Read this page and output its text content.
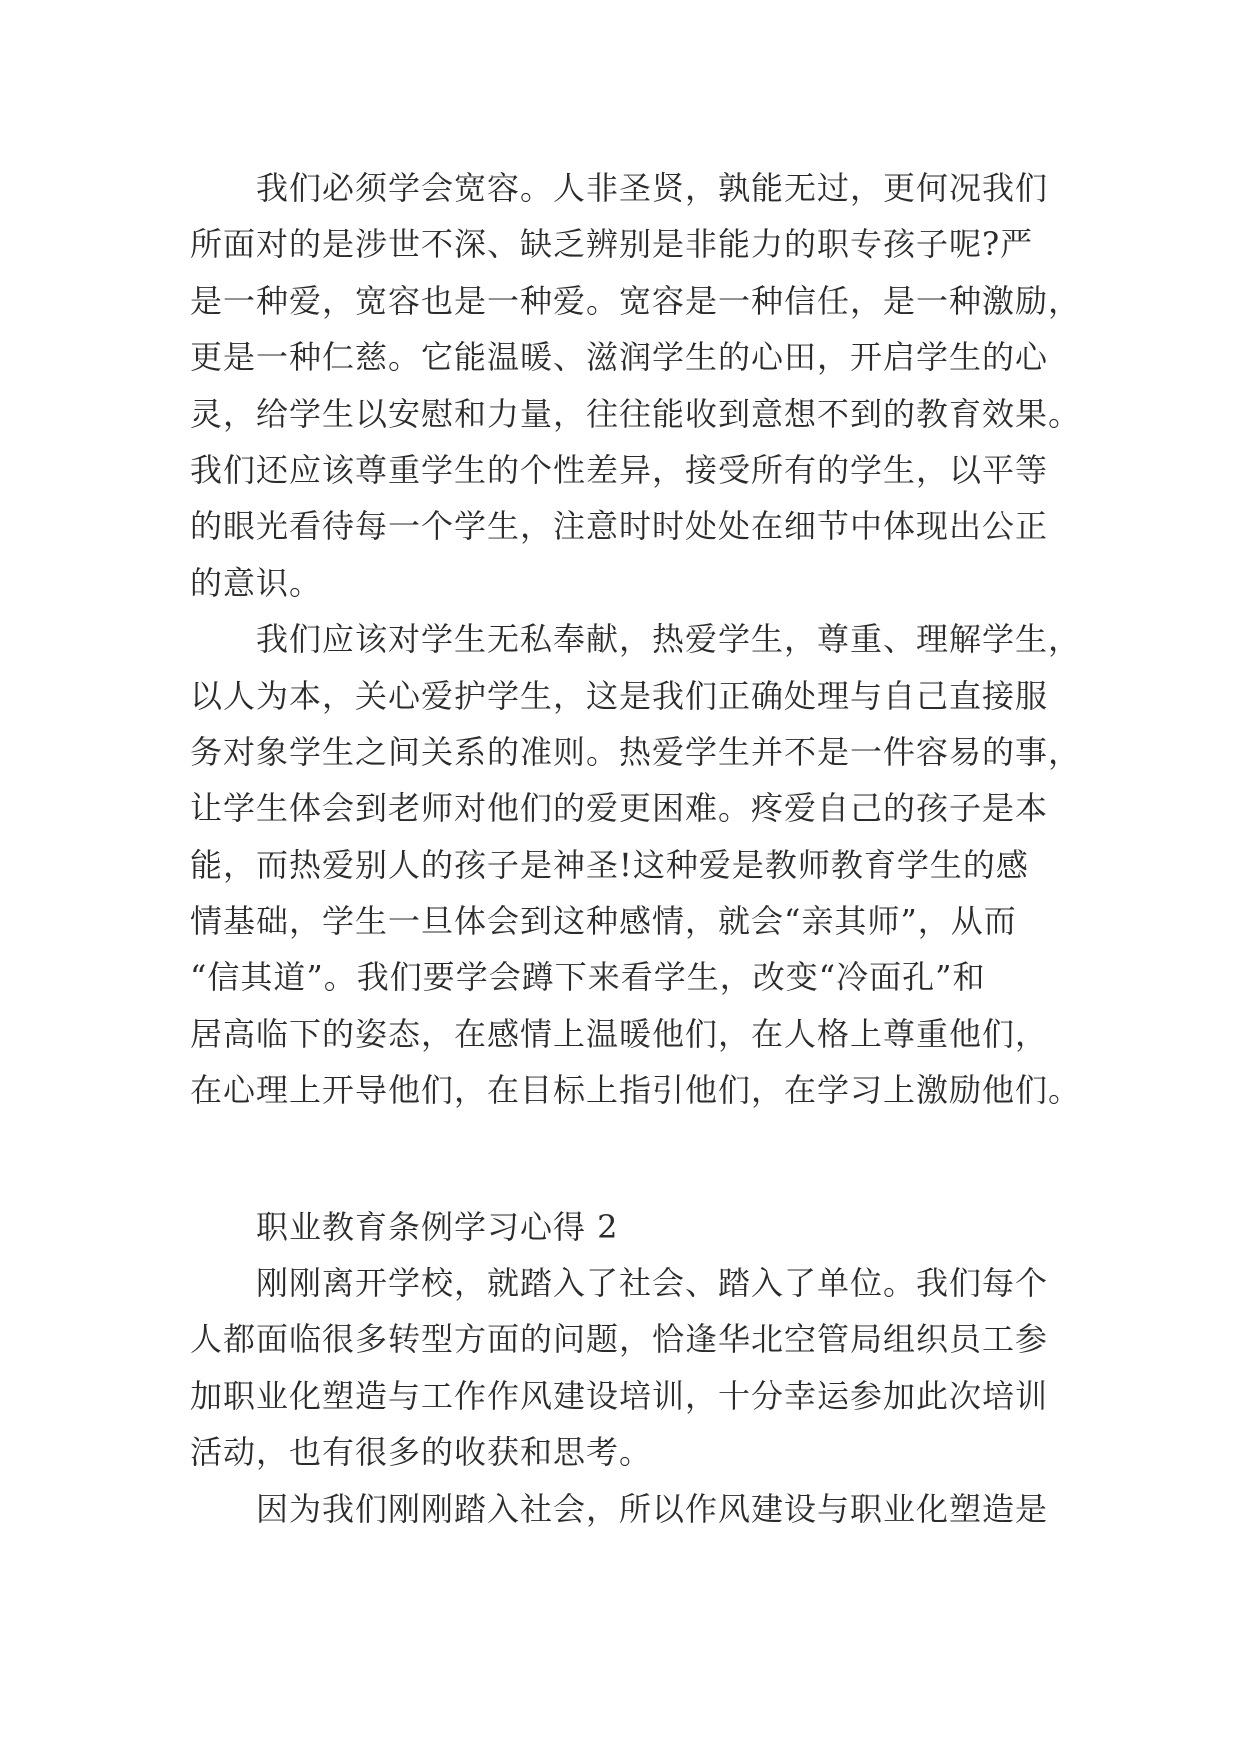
我们必须学会宽容。人非圣贤，孰能无过，更何况我们
所面对的是涉世不深、缺乏辨别是非能力的职专孩子呢?严
是一种爱，宽容也是一种爱。宽容是一种信任，是一种激励，
更是一种仁慈。它能温暖、滋润学生的心田，开启学生的心
灵，给学生以安慰和力量，往往能收到意想不到的教育效果。
我们还应该尊重学生的个性差异，接受所有的学生，以平等
的眼光看待每一个学生，注意时时处处在细节中体现出公正
的意识。
我们应该对学生无私奉献，热爱学生，尊重、理解学生，
以人为本，关心爱护学生，这是我们正确处理与自己直接服
务对象学生之间关系的准则。热爱学生并不是一件容易的事，
让学生体会到老师对他们的爱更困难。疼爱自己的孩子是本
能，而热爱别人的孩子是神圣!这种爱是教师教育学生的感
情基础，学生一旦体会到这种感情，就会“亲其师”，从而
“信其道”。我们要学会蹲下来看学生，改变“冷面孔”和
居高临下的姿态，在感情上温暖他们，在人格上尊重他们，
在心理上开导他们，在目标上指引他们，在学习上激励他们。
职业教育条例学习心得 2
刚刚离开学校，就踏入了社会、踏入了单位。我们每个
人都面临很多转型方面的问题，恰逢华北空管局组织员工参
加职业化塑造与工作作风建设培训，十分幸运参加此次培训
活动，也有很多的收获和思考。
因为我们刚刚踏入社会，所以作风建设与职业化塑造是
